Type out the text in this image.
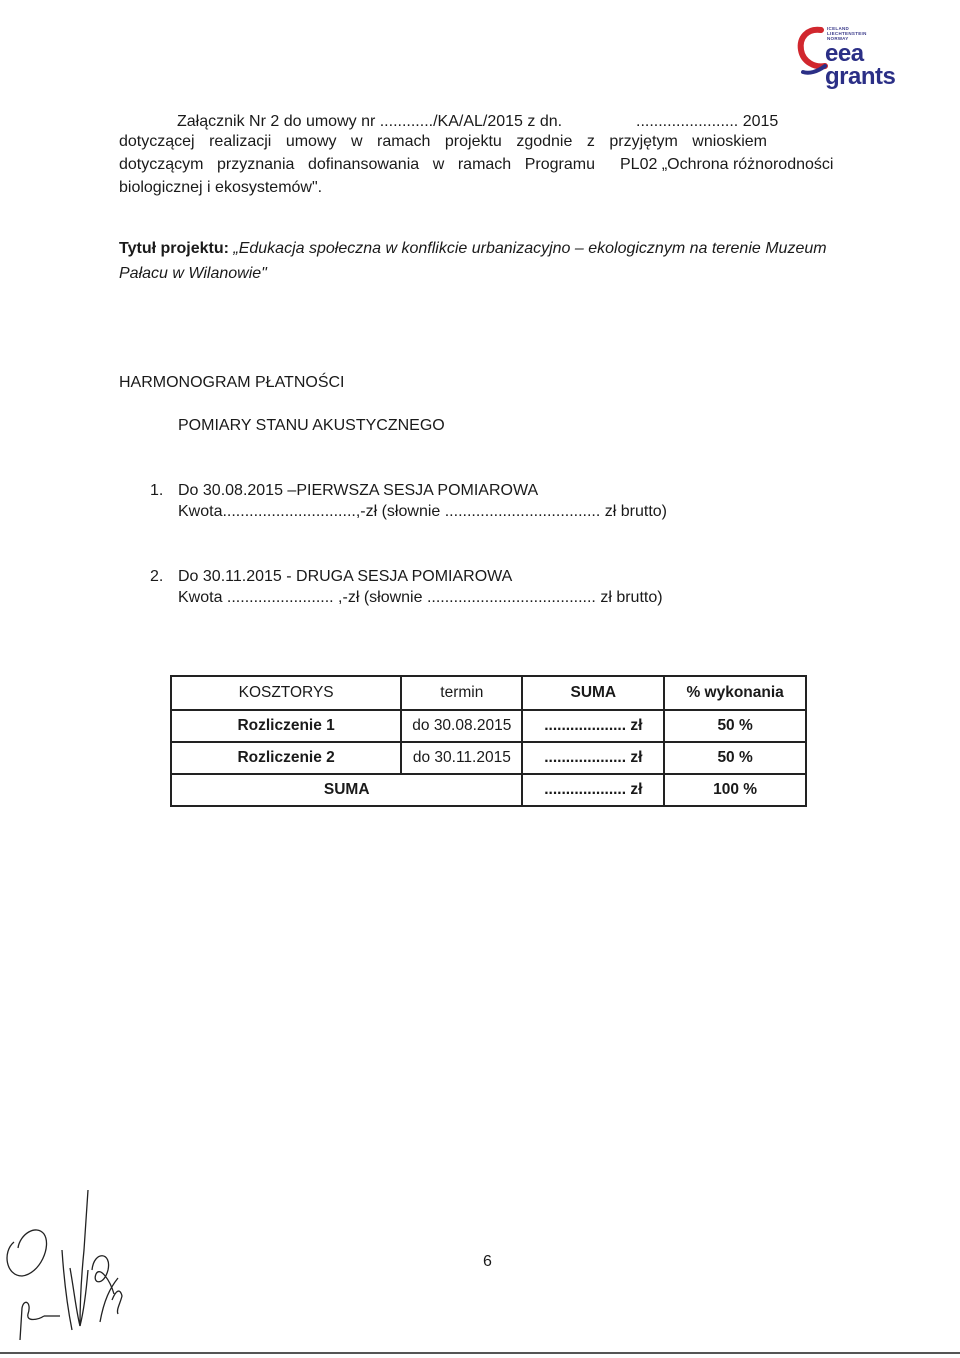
ICELAND
LIECHTENSTEIN
NORWAY
eea
grants
Załącznik Nr 2 do umowy nr ............/KA/AL/2015 z dn.	....................... 2015
dotyczącej realizacji umowy w ramach projektu zgodnie z przyjętym wnioskiem
dotyczącym przyznania dofinansowania w ramach Programu PL02 „Ochrona różnorodności
biologicznej i ekosystemów".
Tytuł projektu: „Edukacja społeczna w konflikcie urbanizacyjno – ekologicznym na terenie Muzeum
Pałacu w Wilanowie"
HARMONOGRAM PŁATNOŚCI
POMIARY STANU AKUSTYCZNEGO
1. Do 30.08.2015 –PIERWSZA SESJA POMIAROWA
Kwota..............................,-zł (słownie ................................... zł brutto)
2. Do 30.11.2015 - DRUGA SESJA POMIAROWA
Kwota ........................ ,-zł (słownie ...................................... zł brutto)
KOSZTORYS	termin	SUMA	% wykonania
Rozliczenie 1	do 30.08.2015	................... zł	50 %
Rozliczenie 2	do 30.11.2015	................... zł	50 %
SUMA		................... zł	100 %
6
